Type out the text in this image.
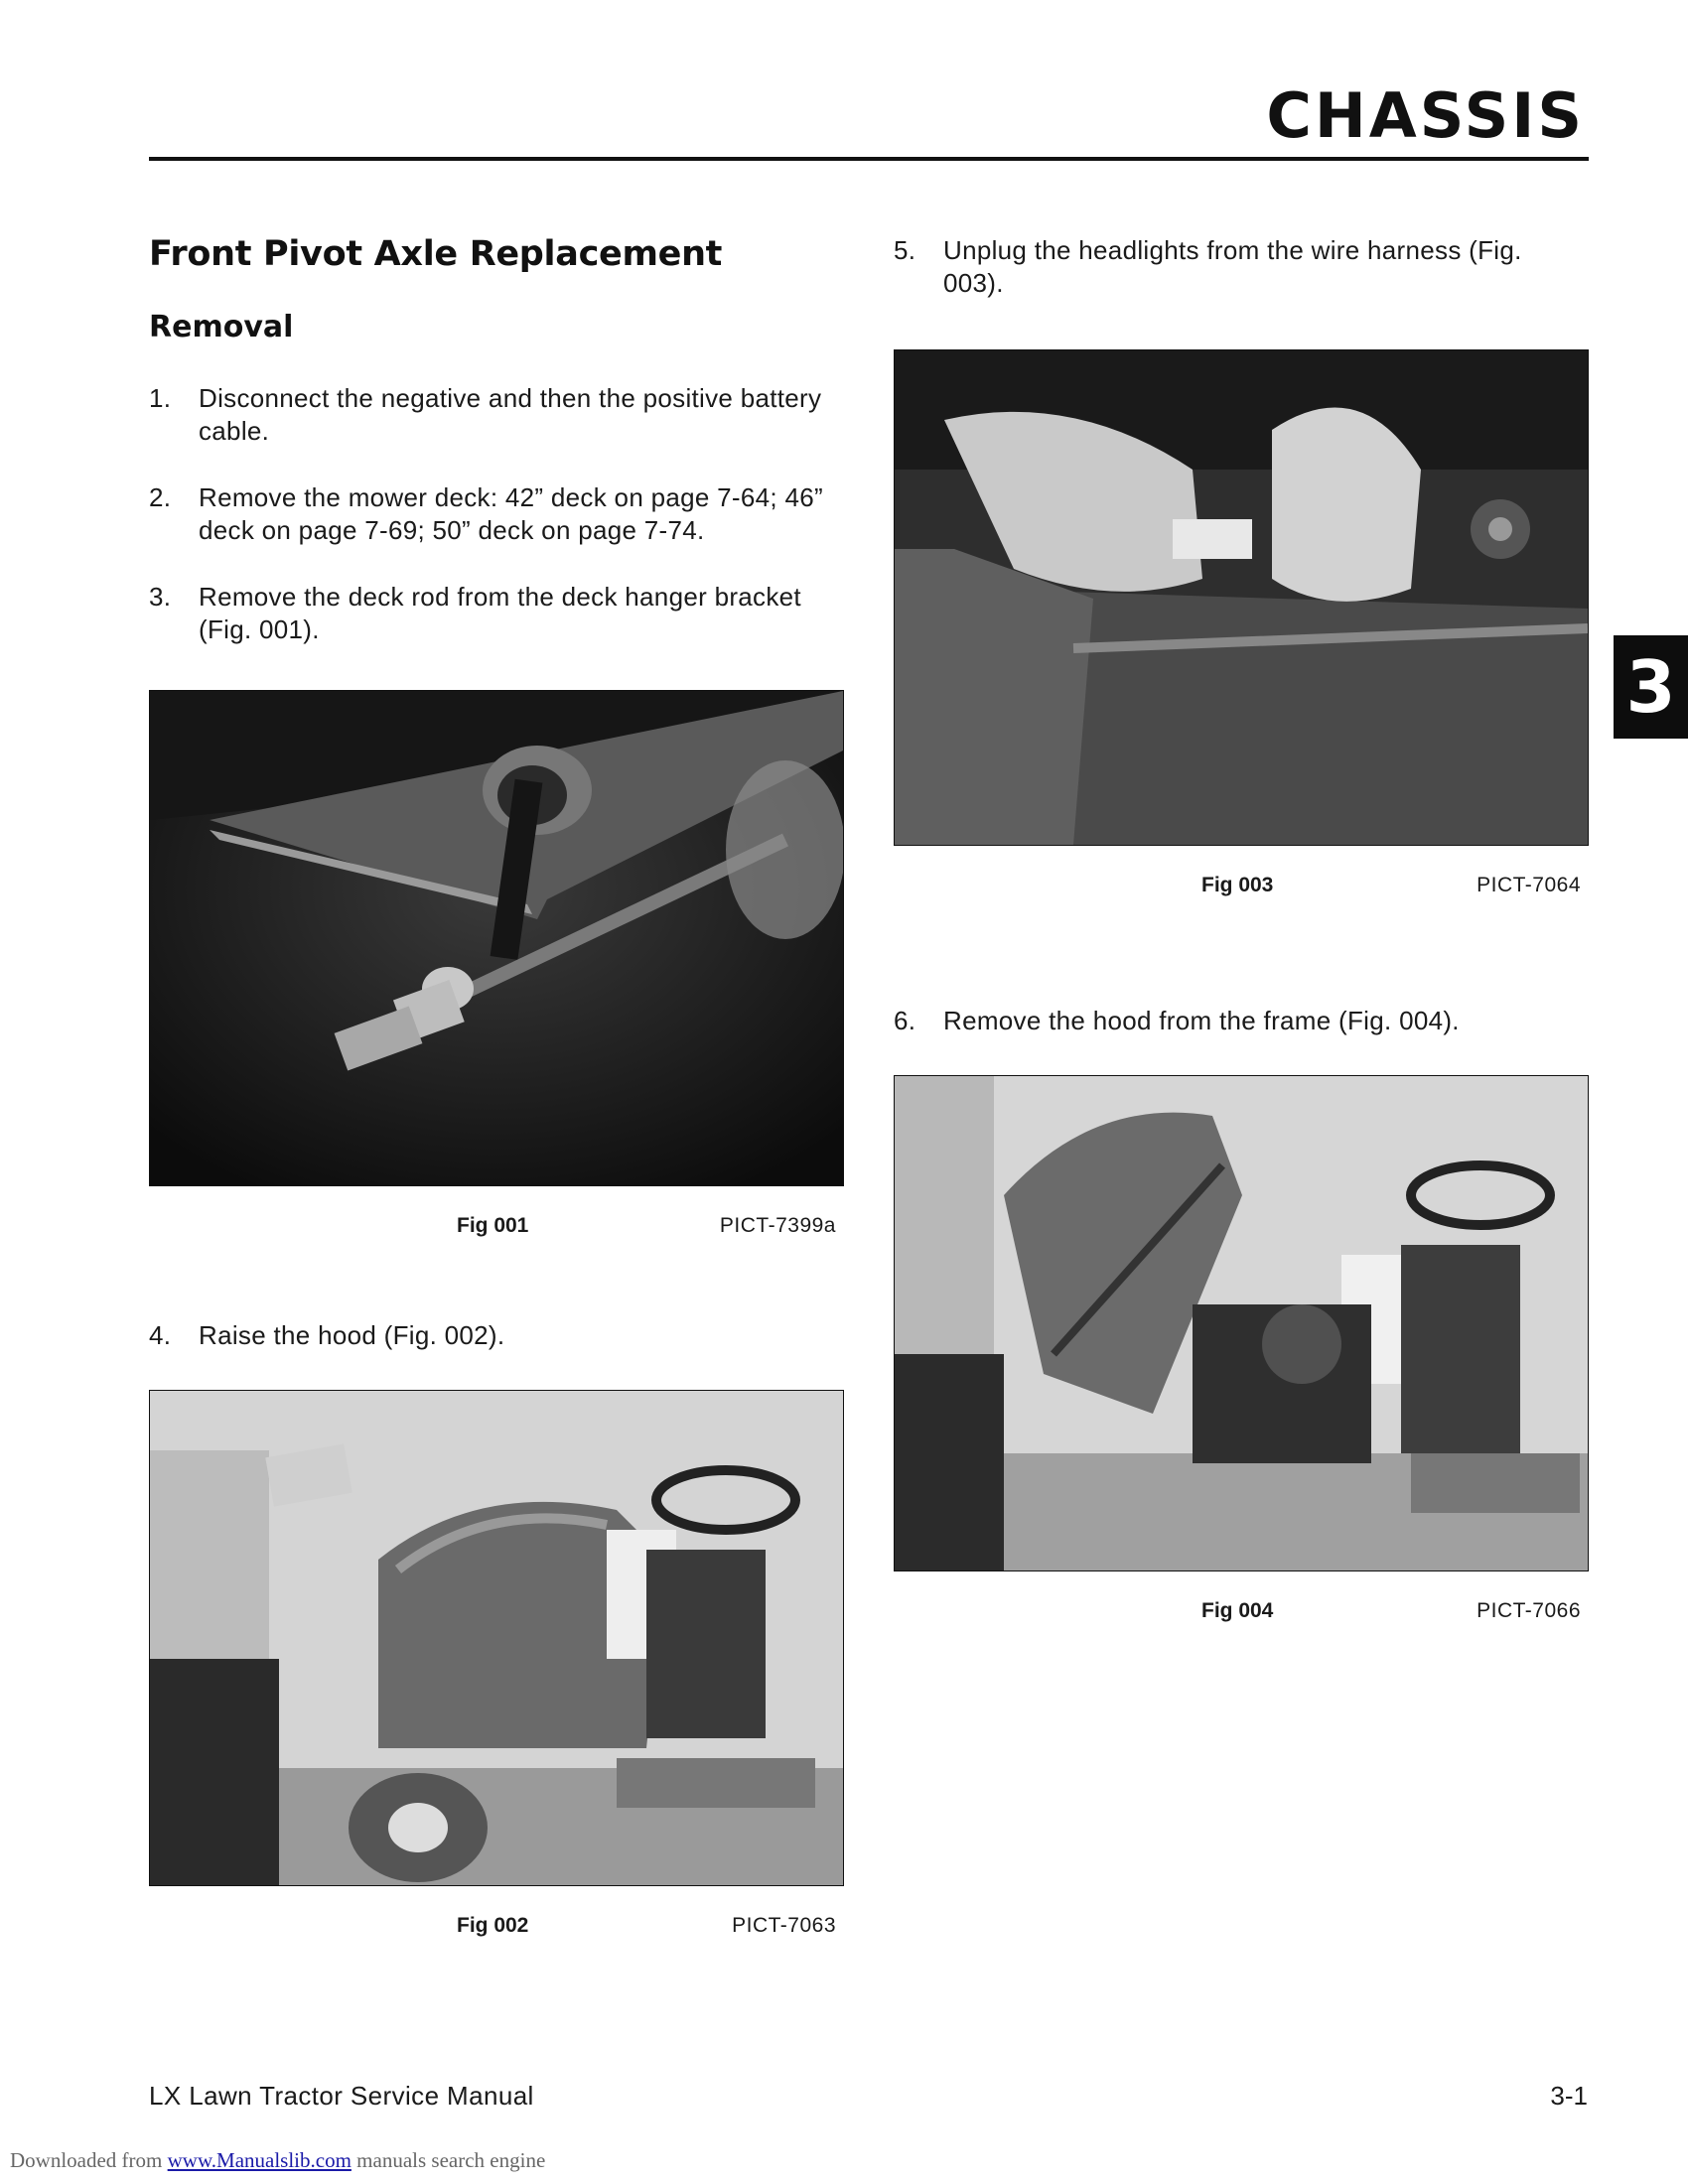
CHASSIS
3
Front Pivot Axle Replacement
Removal
1.	Disconnect the negative and then the positive battery cable.
2.	Remove the mower deck: 42” deck on page 7-64; 46” deck on page 7-69; 50” deck on page 7-74.
3.	Remove the deck rod from the deck hanger bracket (Fig. 001).
Fig 001	PICT-7399a
4.	Raise the hood (Fig. 002).
Fig 002	PICT-7063
5.	Unplug the headlights from the wire harness (Fig. 003).
Fig 003	PICT-7064
6.	Remove the hood from the frame (Fig. 004).
Fig 004	PICT-7066
LX Lawn Tractor Service Manual	3-1
Downloaded from www.Manualslib.com manuals search engine
